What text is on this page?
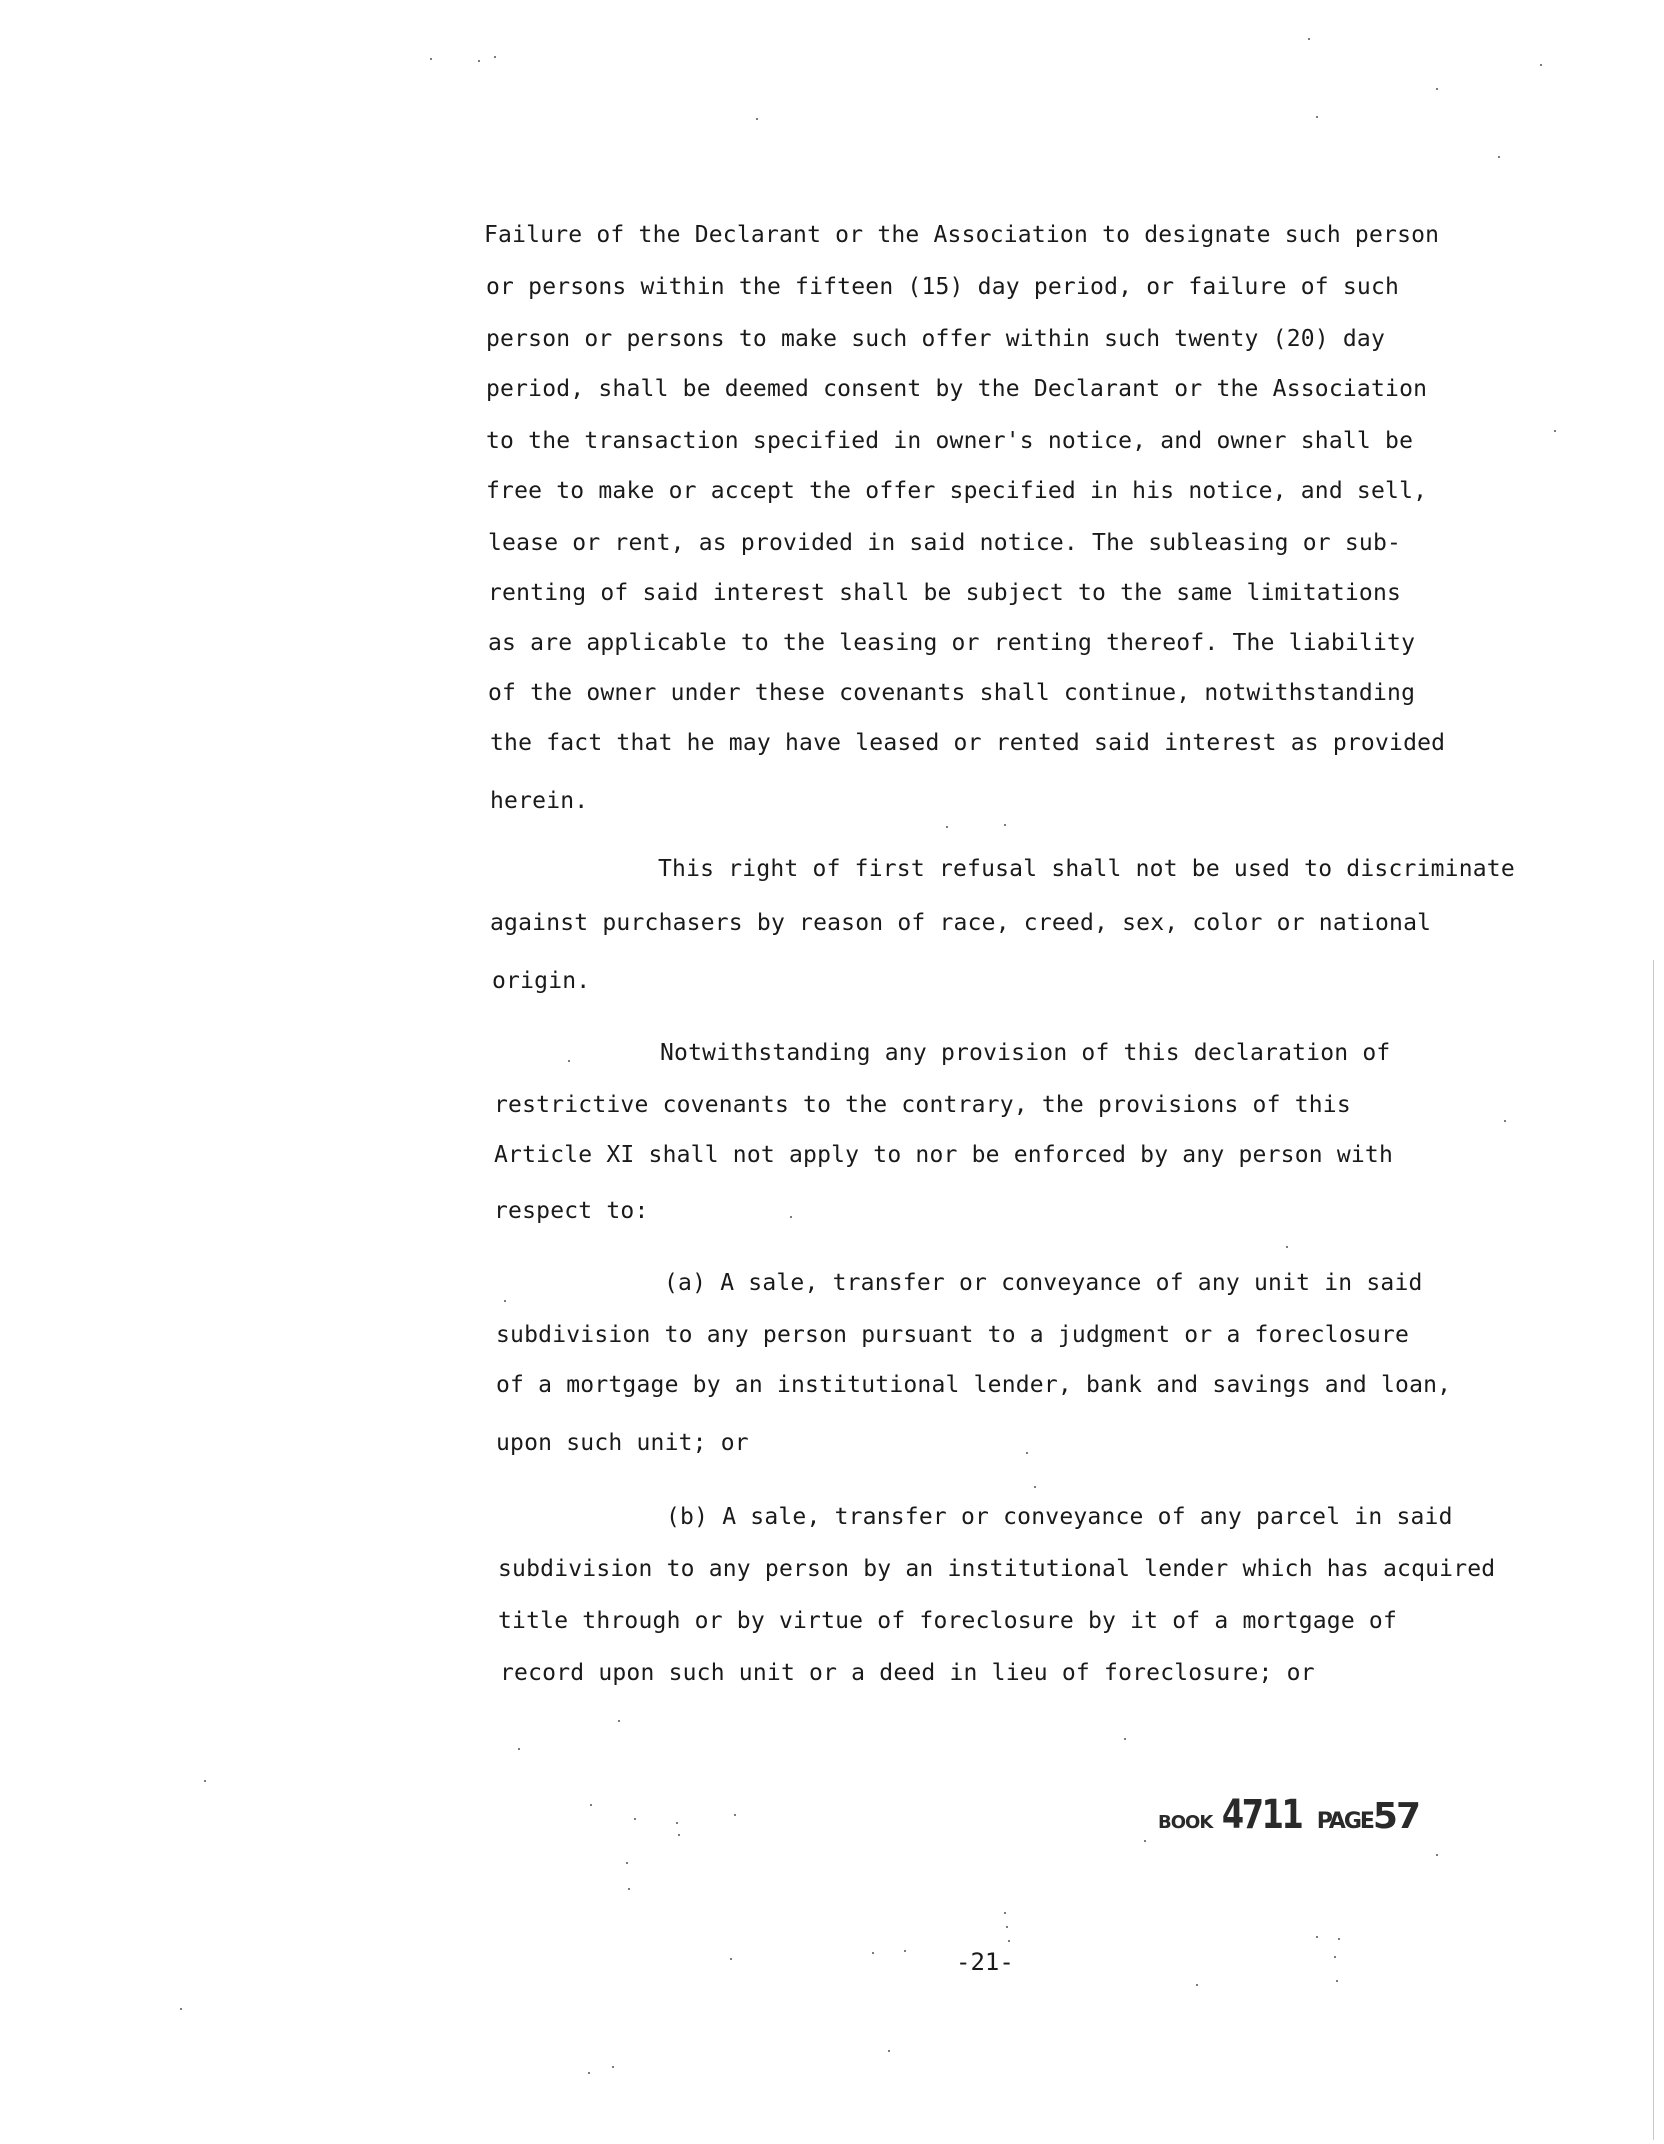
Failure of the Declarant or the Association to designate such person
or persons within the fifteen (15) day period, or failure of such
person or persons to make such offer within such twenty (20) day
period, shall be deemed consent by the Declarant or the Association
to the transaction specified in owner's notice, and owner shall be
free to make or accept the offer specified in his notice, and sell,
lease or rent, as provided in said notice. The subleasing or sub-
renting of said interest shall be subject to the same limitations
as are applicable to the leasing or renting thereof. The liability
of the owner under these covenants shall continue, notwithstanding
the fact that he may have leased or rented said interest as provided
herein.
This right of first refusal shall not be used to discriminate
against purchasers by reason of race, creed, sex, color or national
origin.
Notwithstanding any provision of this declaration of
restrictive covenants to the contrary, the provisions of this
Article XI shall not apply to nor be enforced by any person with
respect to:
(a) A sale, transfer or conveyance of any unit in said
subdivision to any person pursuant to a judgment or a foreclosure
of a mortgage by an institutional lender, bank and savings and loan,
upon such unit; or
(b) A sale, transfer or conveyance of any parcel in said
subdivision to any person by an institutional lender which has acquired
title through or by virtue of foreclosure by it of a mortgage of
record upon such unit or a deed in lieu of foreclosure; or
BOOK 4711 PAGE57
-21-
